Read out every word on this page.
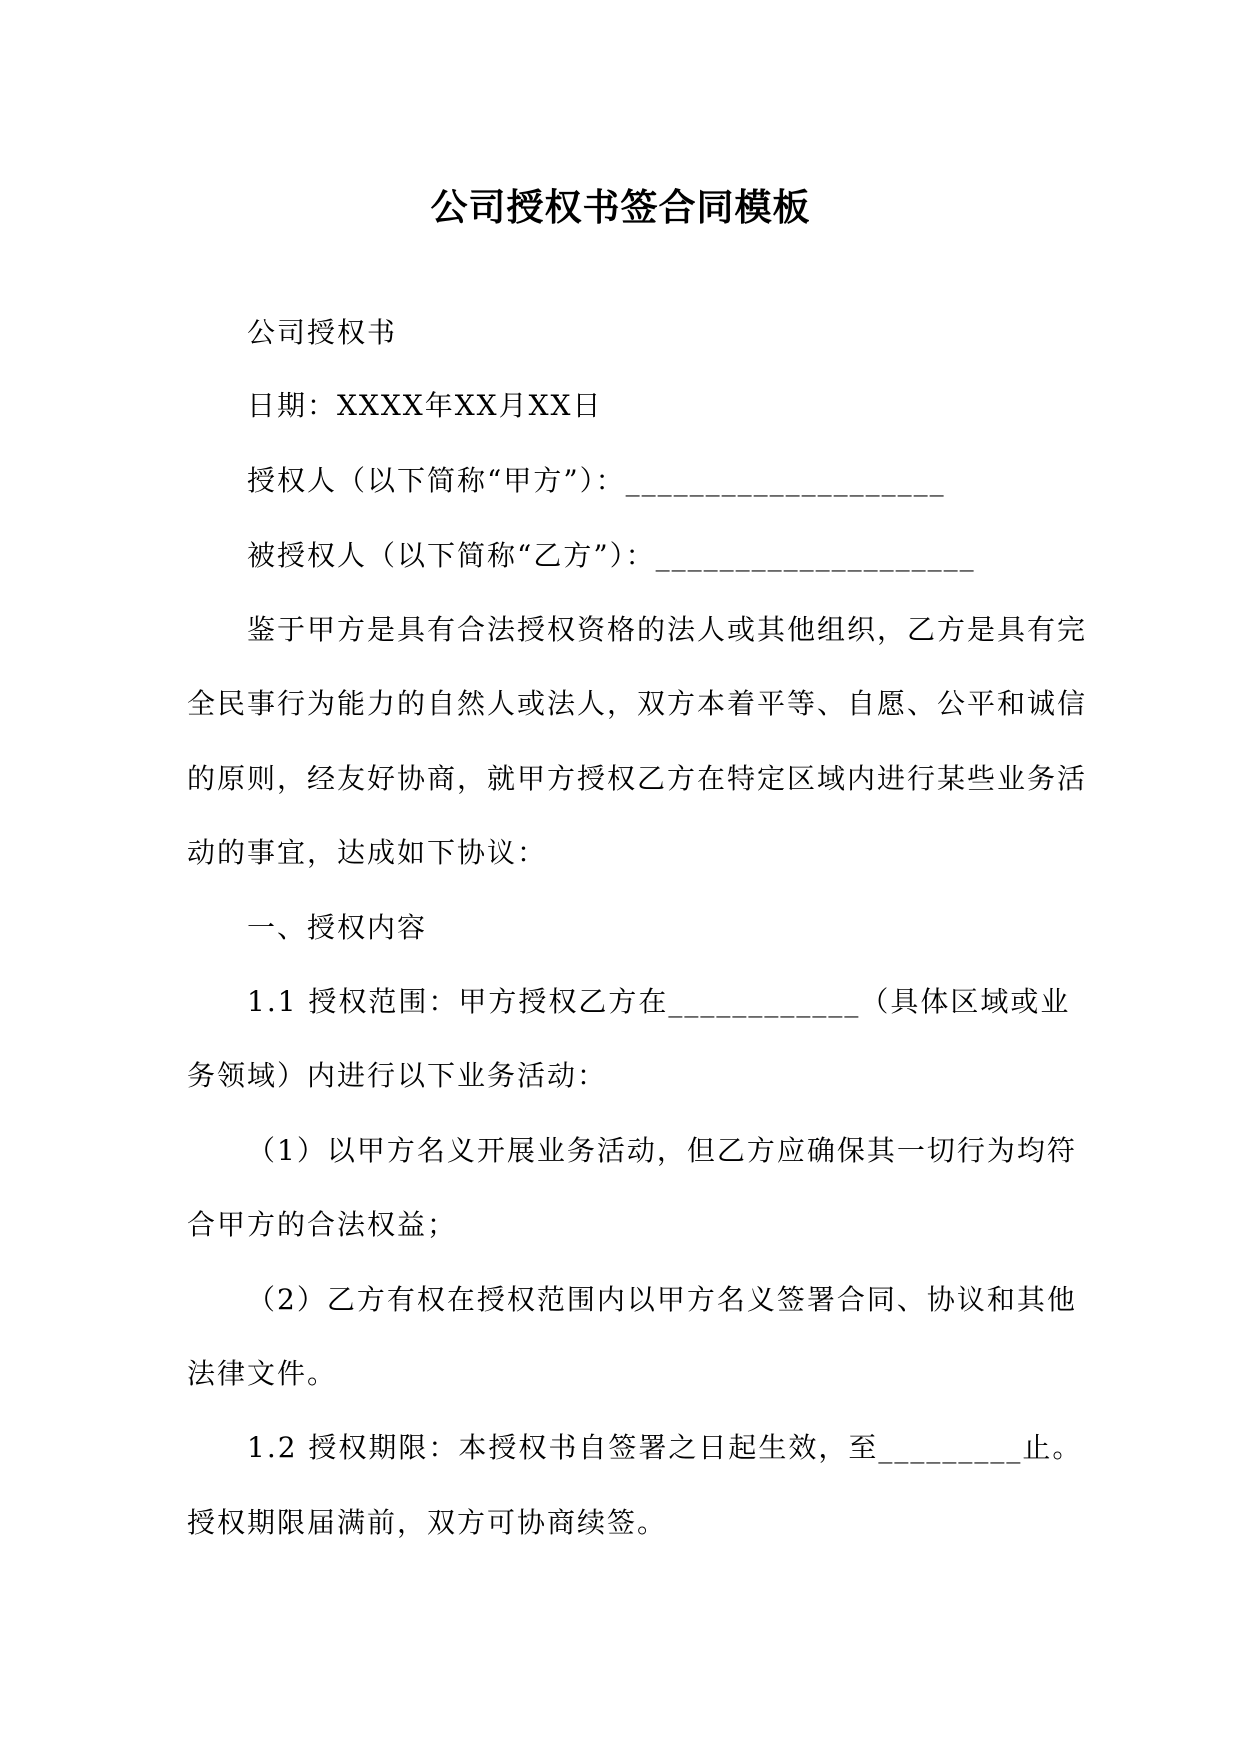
公司授权书签合同模板
公司授权书
日期：XXXX年XX月XX日
授权人（以下简称“甲方”）：____________________
被授权人（以下简称“乙方”）：____________________
鉴于甲方是具有合法授权资格的法人或其他组织，乙方是具有完
全民事行为能力的自然人或法人，双方本着平等、自愿、公平和诚信
的原则，经友好协商，就甲方授权乙方在特定区域内进行某些业务活
动的事宜，达成如下协议：
一、授权内容
1.1 授权范围：甲方授权乙方在____________（具体区域或业
务领域）内进行以下业务活动：
（1）以甲方名义开展业务活动，但乙方应确保其一切行为均符
合甲方的合法权益；
（2）乙方有权在授权范围内以甲方名义签署合同、协议和其他
法律文件。
1.2 授权期限：本授权书自签署之日起生效，至_________止。
授权期限届满前，双方可协商续签。
